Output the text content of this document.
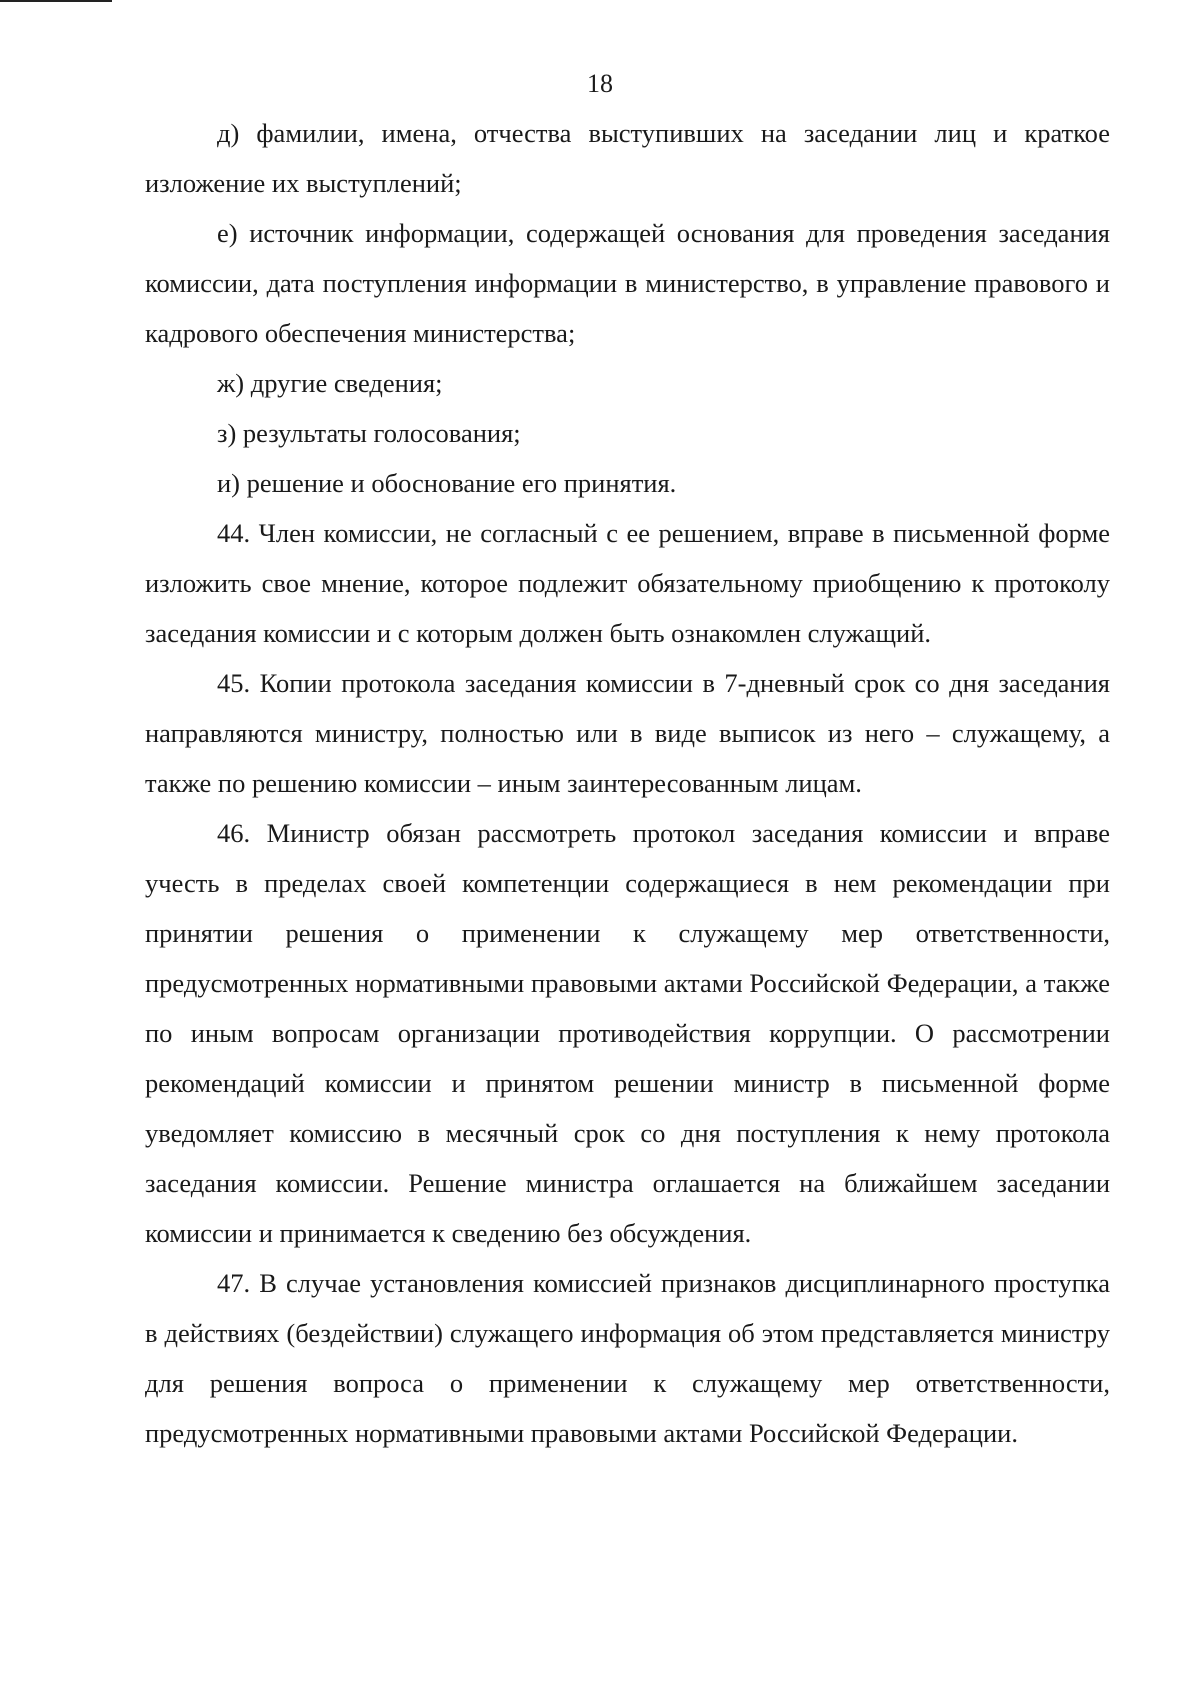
18

д) фамилии, имена, отчества выступивших на заседании лиц и краткое изложение их выступлений;

е) источник информации, содержащей основания для проведения заседания комиссии, дата поступления информации в министерство, в управление правового и кадрового обеспечения министерства;

ж) другие сведения;

з) результаты голосования;

и) решение и обоснование его принятия.

44. Член комиссии, не согласный с ее решением, вправе в письменной форме изложить свое мнение, которое подлежит обязательному приобщению к протоколу заседания комиссии и с которым должен быть ознакомлен служащий.

45. Копии протокола заседания комиссии в 7-дневный срок со дня заседания направляются министру, полностью или в виде выписок из него – служащему, а также по решению комиссии – иным заинтересованным лицам.

46. Министр обязан рассмотреть протокол заседания комиссии и вправе учесть в пределах своей компетенции содержащиеся в нем рекомендации при принятии решения о применении к служащему мер ответственности, предусмотренных нормативными правовыми актами Российской Федерации, а также по иным вопросам организации противодействия коррупции. О рассмотрении рекомендаций комиссии и принятом решении министр в письменной форме уведомляет комиссию в месячный срок со дня поступления к нему протокола заседания комиссии. Решение министра оглашается на ближайшем заседании комиссии и принимается к сведению без обсуждения.

47. В случае установления комиссией признаков дисциплинарного проступка в действиях (бездействии) служащего информация об этом представляется министру для решения вопроса о применении к служащему мер ответственности, предусмотренных нормативными правовыми актами Российской Федерации.
